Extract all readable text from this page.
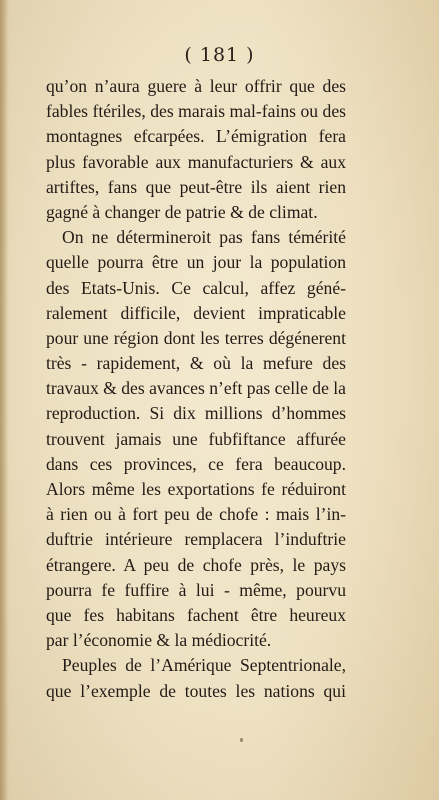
( 181 )
qu’on n’aura guere à leur offrir que des
fables ftériles, des marais mal-fains ou des
montagnes efcarpées. L’émigration fera
plus favorable aux manufacturiers & aux
artiftes, fans que peut-être ils aient rien
gagné à changer de patrie & de climat.
On ne détermineroit pas fans témérité
quelle pourra être un jour la population
des Etats-Unis. Ce calcul, affez géné-
ralement difficile, devient impraticable
pour une région dont les terres dégénerent
très - rapidement, & où la mefure des
travaux & des avances n’eft pas celle de la
reproduction. Si dix millions d’hommes
trouvent jamais une fubfiftance affurée
dans ces provinces, ce fera beaucoup.
Alors même les exportations fe réduiront
à rien ou à fort peu de chofe : mais l’in-
duftrie intérieure remplacera l’induftrie
étrangere. A peu de chofe près, le pays
pourra fe fuffire à lui - même, pourvu
que fes habitans fachent être heureux
par l’économie & la médiocrité.
Peuples de l’Amérique Septentrionale,
que l’exemple de toutes les nations qui
